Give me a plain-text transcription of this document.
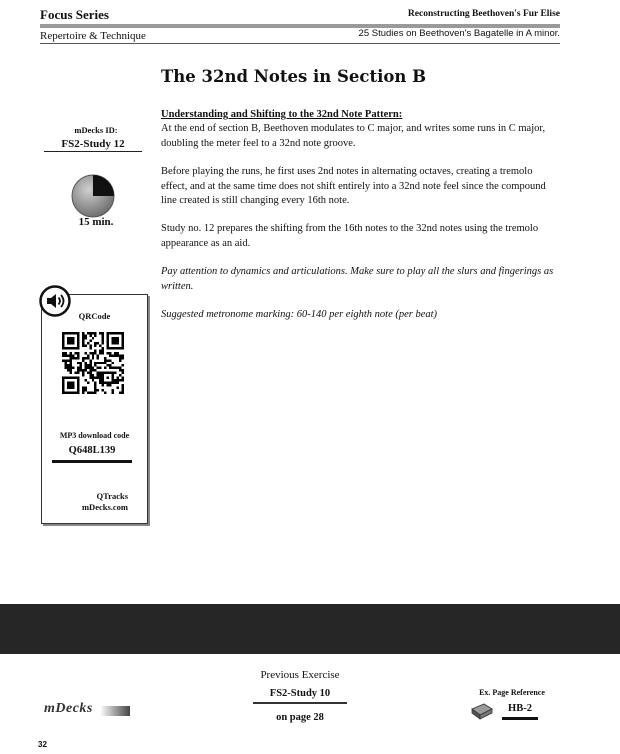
Focus Series	Reconstructing Beethoven's Fur Elise
Repertoire & Technique	25 Studies on Beethoven's Bagatelle in A minor.
The 32nd Notes in Section B

Understanding and Shifting to the 32nd Note Pattern:

At the end of section B, Beethoven modulates to C major, and writes some runs in C major, doubling the meter feel to a 32nd note groove.

Before playing the runs, he first uses 2nd notes in alternating octaves, creating a tremolo effect, and at the same time does not shift entirely into a 32nd note feel since the compound line created is still changing every 16th note.

Study no. 12 prepares the shifting from the 16th notes to the 32nd notes using the tremolo appearance as an aid.

Pay attention to dynamics and articulations. Make sure to play all the slurs and fingerings as written.

Suggested metronome marking: 60-140 per eighth note (per beat)

mDecks ID:
FS2-Study 12
15 min.
QRCode
MP3 download code
Q648L139
QTracks
mDecks.com
mDecks
Previous Exercise
FS2-Study 10
on page 28
Ex. Page Reference
HB-2
32
